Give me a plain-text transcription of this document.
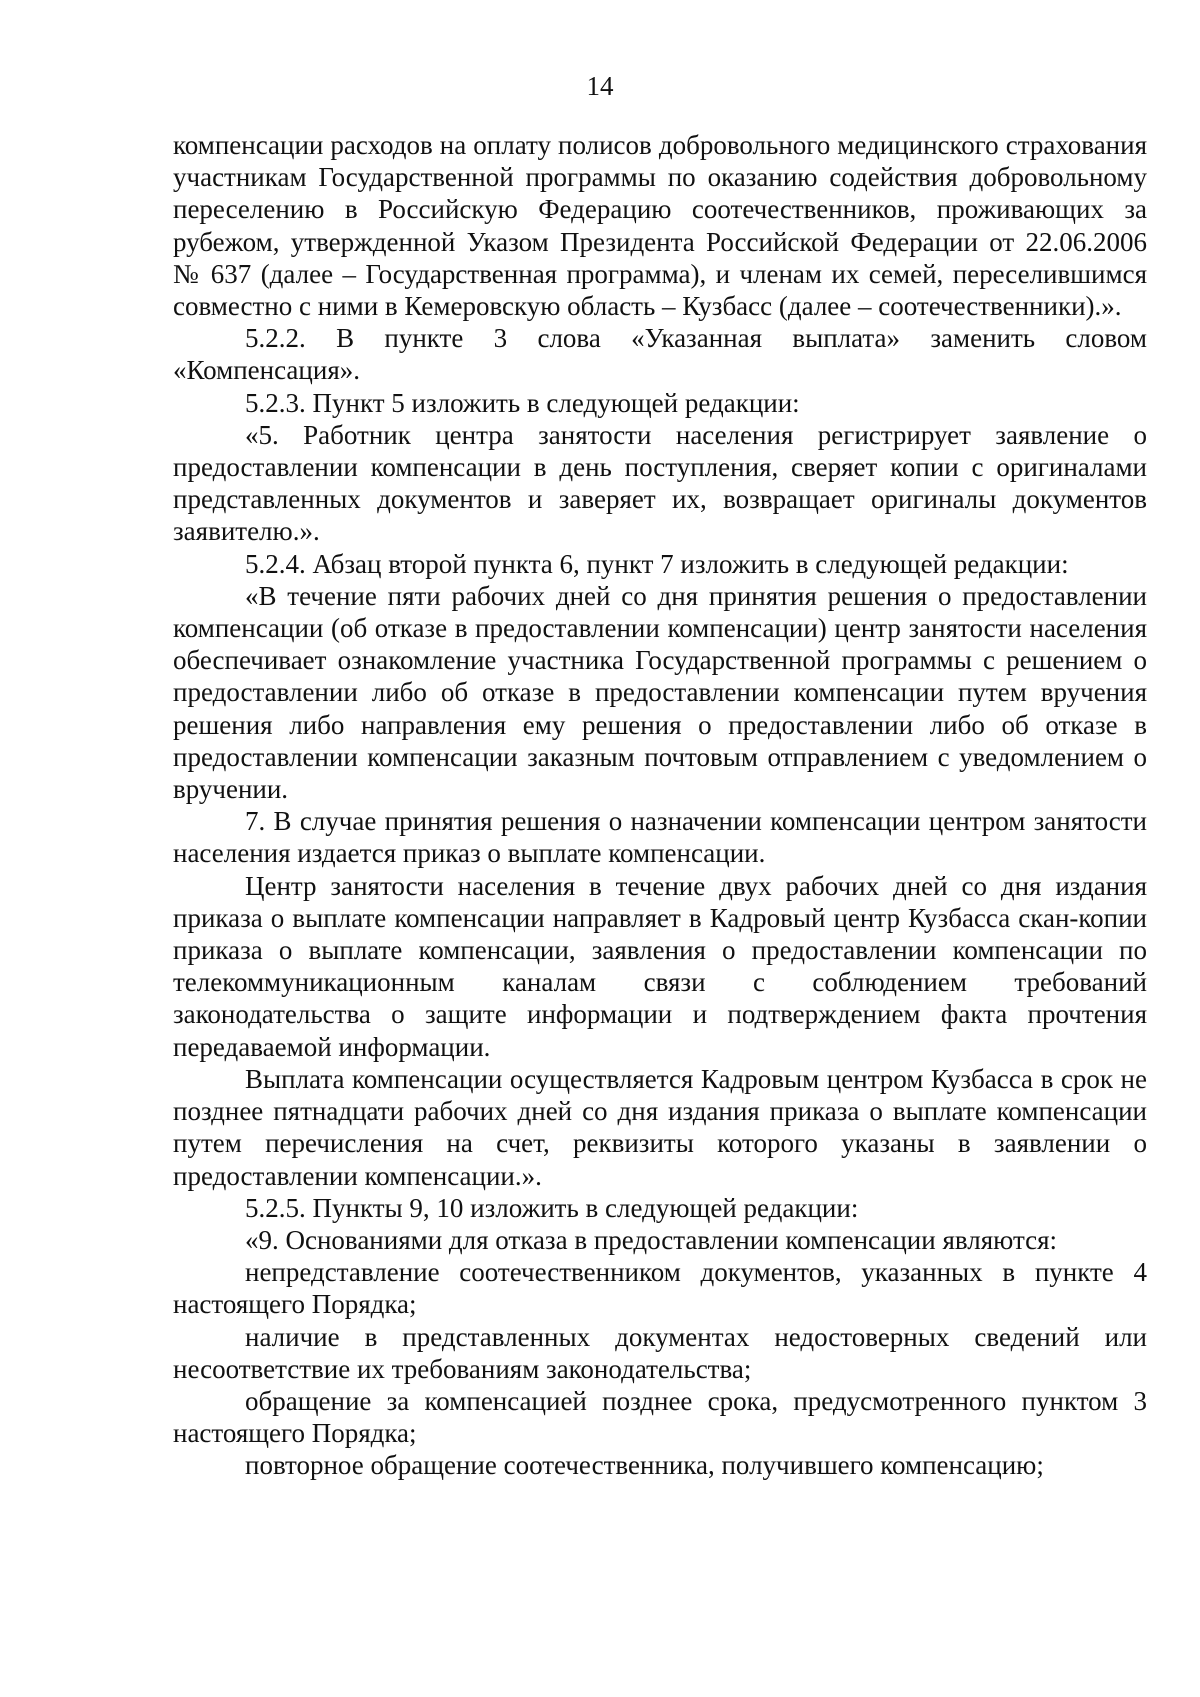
14

компенсации расходов на оплату полисов добровольного медицинского страхования участникам Государственной программы по оказанию содействия добровольному переселению в Российскую Федерацию соотечественников, проживающих за рубежом, утвержденной Указом Президента Российской Федерации от 22.06.2006 № 637 (далее – Государственная программа), и членам их семей, переселившимся совместно с ними в Кемеровскую область – Кузбасс (далее – соотечественники).».

5.2.2. В пункте 3 слова «Указанная выплата» заменить словом «Компенсация».

5.2.3. Пункт 5 изложить в следующей редакции:

«5. Работник центра занятости населения регистрирует заявление о предоставлении компенсации в день поступления, сверяет копии с оригиналами представленных документов и заверяет их, возвращает оригиналы документов заявителю.».

5.2.4. Абзац второй пункта 6, пункт 7 изложить в следующей редакции:

«В течение пяти рабочих дней со дня принятия решения о предоставлении компенсации (об отказе в предоставлении компенсации) центр занятости населения обеспечивает ознакомление участника Государственной программы с решением о предоставлении либо об отказе в предоставлении компенсации путем вручения решения либо направления ему решения о предоставлении либо об отказе в предоставлении компенсации заказным почтовым отправлением с уведомлением о вручении.

7. В случае принятия решения о назначении компенсации центром занятости населения издается приказ о выплате компенсации.

Центр занятости населения в течение двух рабочих дней со дня издания приказа о выплате компенсации направляет в Кадровый центр Кузбасса скан-копии приказа о выплате компенсации, заявления о предоставлении компенсации по телекоммуникационным каналам связи с соблюдением требований законодательства о защите информации и подтверждением факта прочтения передаваемой информации.

Выплата компенсации осуществляется Кадровым центром Кузбасса в срок не позднее пятнадцати рабочих дней со дня издания приказа о выплате компенсации путем перечисления на счет, реквизиты которого указаны в заявлении о предоставлении компенсации.».

5.2.5. Пункты 9, 10 изложить в следующей редакции:

«9. Основаниями для отказа в предоставлении компенсации являются:

непредставление соотечественником документов, указанных в пункте 4 настоящего Порядка;

наличие в представленных документах недостоверных сведений или несоответствие их требованиям законодательства;

обращение за компенсацией позднее срока, предусмотренного пунктом 3 настоящего Порядка;

повторное обращение соотечественника, получившего компенсацию;
